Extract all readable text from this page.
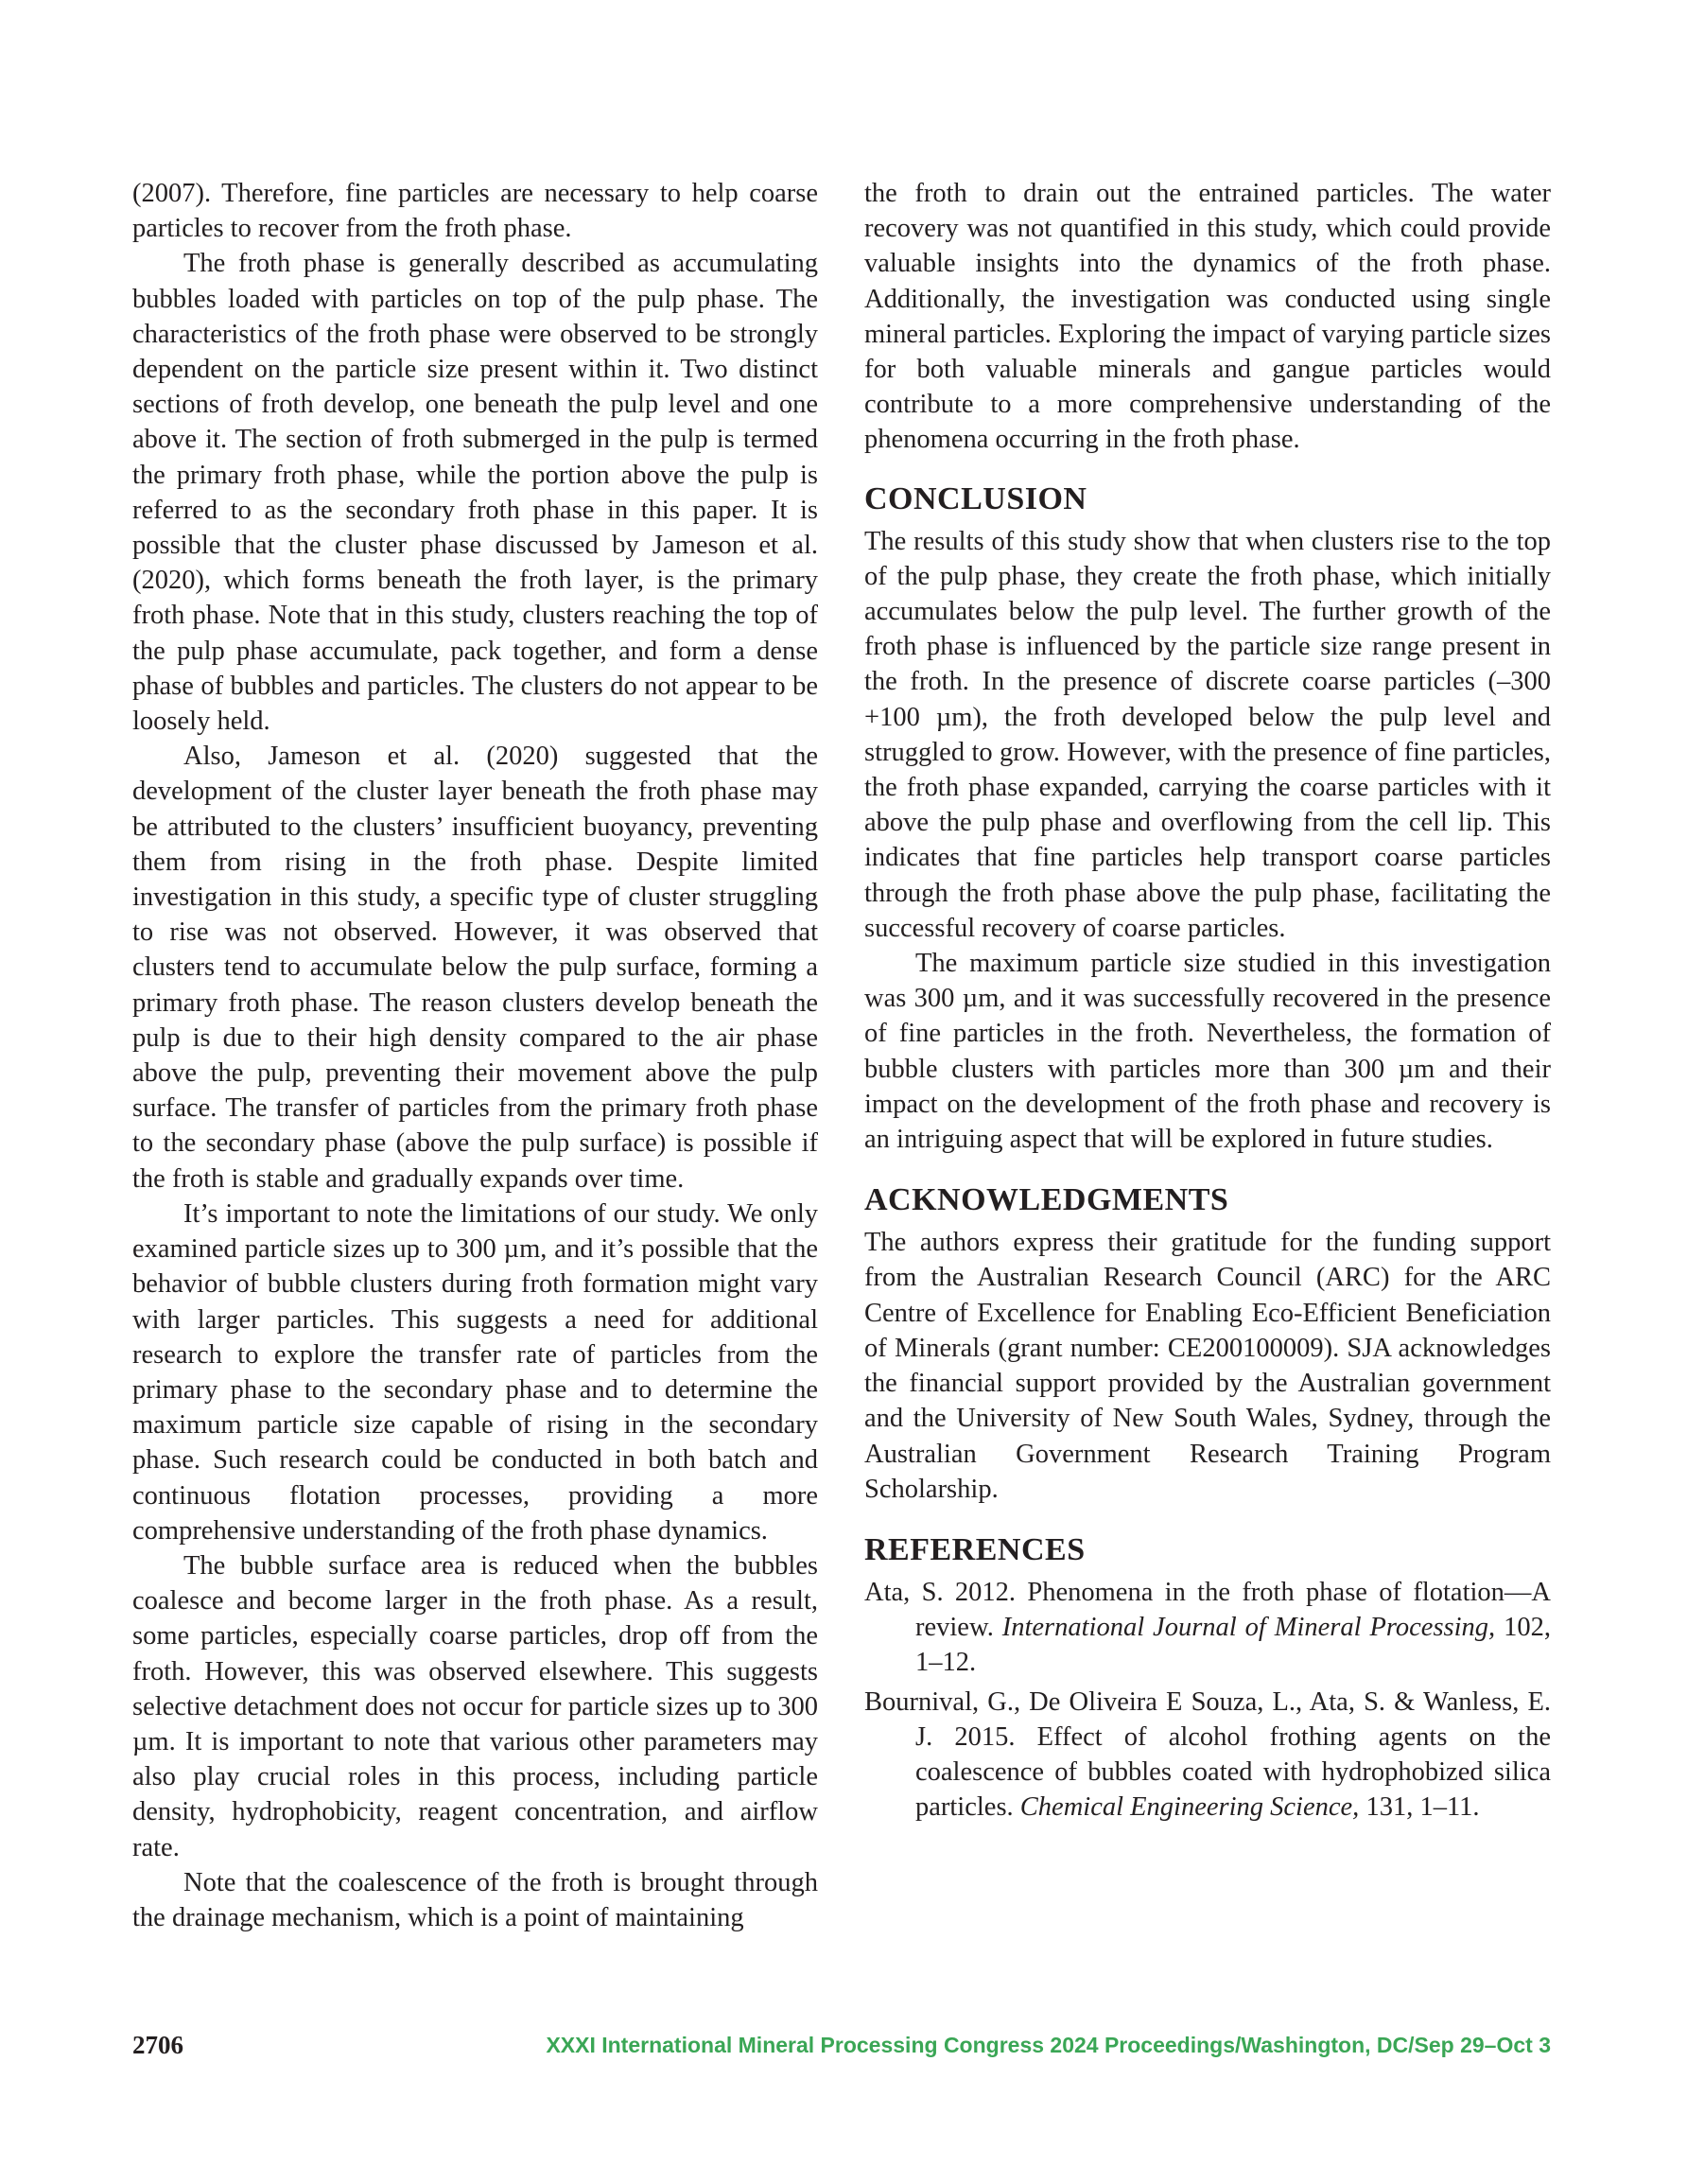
(2007). Therefore, fine particles are necessary to help coarse particles to recover from the froth phase.

The froth phase is generally described as accumulating bubbles loaded with particles on top of the pulp phase. The characteristics of the froth phase were observed to be strongly dependent on the particle size present within it. Two distinct sections of froth develop, one beneath the pulp level and one above it. The section of froth submerged in the pulp is termed the primary froth phase, while the portion above the pulp is referred to as the secondary froth phase in this paper. It is possible that the cluster phase discussed by Jameson et al. (2020), which forms beneath the froth layer, is the primary froth phase. Note that in this study, clusters reaching the top of the pulp phase accumulate, pack together, and form a dense phase of bubbles and particles. The clusters do not appear to be loosely held.

Also, Jameson et al. (2020) suggested that the development of the cluster layer beneath the froth phase may be attributed to the clusters’ insufficient buoyancy, preventing them from rising in the froth phase. Despite limited investigation in this study, a specific type of cluster struggling to rise was not observed. However, it was observed that clusters tend to accumulate below the pulp surface, forming a primary froth phase. The reason clusters develop beneath the pulp is due to their high density compared to the air phase above the pulp, preventing their movement above the pulp surface. The transfer of particles from the primary froth phase to the secondary phase (above the pulp surface) is possible if the froth is stable and gradually expands over time.

It’s important to note the limitations of our study. We only examined particle sizes up to 300 µm, and it’s possible that the behavior of bubble clusters during froth formation might vary with larger particles. This suggests a need for additional research to explore the transfer rate of particles from the primary phase to the secondary phase and to determine the maximum particle size capable of rising in the secondary phase. Such research could be conducted in both batch and continuous flotation processes, providing a more comprehensive understanding of the froth phase dynamics.

The bubble surface area is reduced when the bubbles coalesce and become larger in the froth phase. As a result, some particles, especially coarse particles, drop off from the froth. However, this was observed elsewhere. This suggests selective detachment does not occur for particle sizes up to 300 µm. It is important to note that various other parameters may also play crucial roles in this process, including particle density, hydrophobicity, reagent concentration, and airflow rate.

Note that the coalescence of the froth is brought through the drainage mechanism, which is a point of maintaining

the froth to drain out the entrained particles. The water recovery was not quantified in this study, which could provide valuable insights into the dynamics of the froth phase. Additionally, the investigation was conducted using single mineral particles. Exploring the impact of varying particle sizes for both valuable minerals and gangue particles would contribute to a more comprehensive understanding of the phenomena occurring in the froth phase.

CONCLUSION

The results of this study show that when clusters rise to the top of the pulp phase, they create the froth phase, which initially accumulates below the pulp level. The further growth of the froth phase is influenced by the particle size range present in the froth. In the presence of discrete coarse particles (–300 +100 µm), the froth developed below the pulp level and struggled to grow. However, with the presence of fine particles, the froth phase expanded, carrying the coarse particles with it above the pulp phase and overflowing from the cell lip. This indicates that fine particles help transport coarse particles through the froth phase above the pulp phase, facilitating the successful recovery of coarse particles.

The maximum particle size studied in this investigation was 300 µm, and it was successfully recovered in the presence of fine particles in the froth. Nevertheless, the formation of bubble clusters with particles more than 300 µm and their impact on the development of the froth phase and recovery is an intriguing aspect that will be explored in future studies.

ACKNOWLEDGMENTS

The authors express their gratitude for the funding support from the Australian Research Council (ARC) for the ARC Centre of Excellence for Enabling Eco-Efficient Beneficiation of Minerals (grant number: CE200100009). SJA acknowledges the financial support provided by the Australian government and the University of New South Wales, Sydney, through the Australian Government Research Training Program Scholarship.

REFERENCES

Ata, S. 2012. Phenomena in the froth phase of flotation—A review. International Journal of Mineral Processing, 102, 1–12.

Bournival, G., De Oliveira E Souza, L., Ata, S. & Wanless, E. J. 2015. Effect of alcohol frothing agents on the coalescence of bubbles coated with hydrophobized silica particles. Chemical Engineering Science, 131, 1–11.

2706	XXXI International Mineral Processing Congress 2024 Proceedings/Washington, DC/Sep 29–Oct 3
